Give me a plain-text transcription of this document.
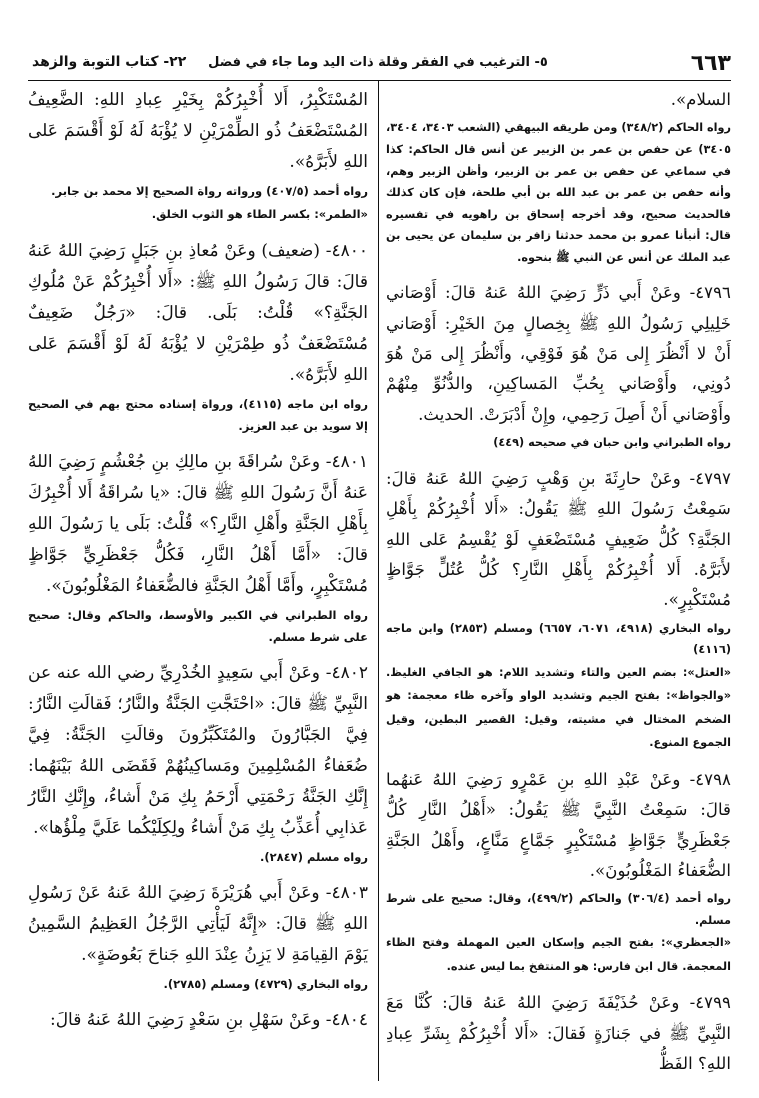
٦٦٣
٥- الترغيب في الفقر وقلة ذات اليد وما جاء في فضل
٢٢- كتاب التوبة والزهد

السلام».

رواه الحاكم (٣٤٨/٢) ومن طريقه البيهقي (الشعب ٣٤٠٣، ٣٤٠٤، ٣٤٠٥) عن حفص بن عمر بن الزبير عن أنس قال الحاكم: كذا في سماعي عن حفص بن عمر بن الزبير، وأظن الزبير وهم، وأنه حفص بن عمر بن عبد الله بن أبي طلحة، فإن كان كذلك فالحديث صحيح، وقد أخرجه إسحاق بن راهويه في تفسيره قال: أنبأنا عمرو بن محمد حدثنا زافر بن سليمان عن يحيى بن عبد الملك عن أنس عن النبي ﷺ بنحوه.

٤٧٩٦- وعَنْ أَبي ذَرٍّ رَضِيَ اللهُ عَنهُ قالَ: أَوْصَاني خَلِيلِي رَسُولُ اللهِ ﷺ بِخِصالٍ مِنَ الخَيْرِ: أَوْصَاني أَنْ لا أَنْظُرَ إِلى مَنْ هُوَ فَوْقِي، وأَنْظُرَ إِلى مَنْ هُوَ دُونِي، وأَوْصَاني بِحُبِّ المَساكِينِ، والدُّنُوِّ مِنْهُمْ وأَوْصَاني أَنْ أَصِلَ رَحِمِي، وإِنْ أَدْبَرَتْ. الحديث.

رواه الطبراني وابن حبان في صحيحه (٤٤٩)

٤٧٩٧- وعَنْ حارِثَةَ بنِ وَهْبٍ رَضِيَ اللهُ عَنهُ قالَ: سَمِعْتُ رَسُولَ اللهِ ﷺ يَقُولُ: «أَلا أُخْبِرُكُمْ بِأَهْلِ الجَنَّةِ؟ كُلُّ ضَعِيفٍ مُسْتَضْعَفٍ لَوْ يُقْسِمُ عَلى اللهِ لأَبَرَّهُ. أَلا أُخْبِرُكُمْ بِأَهْلِ النَّارِ؟ كُلُّ عُتُلٍّ جَوَّاظٍ مُسْتَكْبِرٍ».

رواه البخاري (٤٩١٨، ٦٠٧١، ٦٦٥٧) ومسلم (٢٨٥٣) وابن ماجه (٤١١٦)

«العتل»: بضم العين والتاء وتشديد اللام: هو الجافي الغليظ. «والجواظ»: بفتح الجيم وتشديد الواو وآخره ظاء معجمة: هو الضخم المختال في مشيته، وقيل: القصير البطين، وقيل الجموع المنوع.

٤٧٩٨- وعَنْ عَبْدِ اللهِ بنِ عَمْرٍو رَضِيَ اللهُ عَنهُما قالَ: سَمِعْتُ النَّبِيَّ ﷺ يَقُولُ: «أَهْلُ النَّارِ كُلُّ جَعْظَرِيٍّ جَوَّاظٍ مُسْتَكْبِرٍ جَمَّاعٍ مَنَّاعٍ، وأَهْلُ الجَنَّةِ الضُّعَفاءُ المَغْلُوبُونَ».

رواه أحمد (٣٠٦/٤) والحاكم (٤٩٩/٢)، وقال: صحيح على شرط مسلم.

«الجعظري»: بفتح الجيم وإسكان العين المهملة وفتح الظاء المعجمة. قال ابن فارس: هو المنتفخ بما ليس عنده.

٤٧٩٩- وعَنْ حُذَيْفَةَ رَضِيَ اللهُ عَنهُ قالَ: كُنَّا مَعَ النَّبِيِّ ﷺ في جَنازَةٍ فَقالَ: «أَلا أُخْبِرُكُمْ بِشَرِّ عِبادِ اللهِ؟ الفَظُّ

المُسْتَكْبِرُ، أَلا أُخْبِرُكُمْ بِخَيْرِ عِبادِ اللهِ: الضَّعِيفُ المُسْتَضْعَفُ ذُو الطِّمْرَيْنِ لا يُؤْبَهُ لَهُ لَوْ أَقْسَمَ عَلى اللهِ لأَبَرَّهُ».

رواه أحمد (٤٠٧/٥) ورواته رواة الصحيح إلا محمد بن جابر.

«الطمر»: بكسر الطاء هو الثوب الخلق.

٤٨٠٠- (ضعيف) وعَنْ مُعاذِ بنِ جَبَلٍ رَضِيَ اللهُ عَنهُ قالَ: قالَ رَسُولُ اللهِ ﷺ: «أَلا أُخْبِرُكُمْ عَنْ مُلُوكِ الجَنَّةِ؟» قُلْتُ: بَلَى. قالَ: «رَجُلٌ ضَعِيفٌ مُسْتَضْعَفٌ ذُو طِمْرَيْنِ لا يُؤْبَهُ لَهُ لَوْ أَقْسَمَ عَلى اللهِ لأَبَرَّهُ».

رواه ابن ماجه (٤١١٥)، ورواة إسناده محتج بهم في الصحيح إلا سويد بن عبد العزيز.

٤٨٠١- وعَنْ سُراقَةَ بنِ مالِكِ بنِ جُعْشُمٍ رَضِيَ اللهُ عَنهُ أَنَّ رَسُولَ اللهِ ﷺ قالَ: «يا سُراقَةُ أَلا أُخْبِرُكَ بِأَهْلِ الجَنَّةِ وأَهْلِ النَّارِ؟» قُلْتُ: بَلَى يا رَسُولَ اللهِ قالَ: «أَمَّا أَهْلُ النَّارِ، فَكُلُّ جَعْظَرِيٍّ جَوَّاظٍ مُسْتَكْبِرٍ، وأَمَّا أَهْلُ الجَنَّةِ فالضُّعَفاءُ المَغْلُوبُونَ».

رواه الطبراني في الكبير والأوسط، والحاكم وقال: صحيح على شرط مسلم.

٤٨٠٢- وعَنْ أَبي سَعِيدٍ الخُدْرِيِّ رضي الله عنه عن النَّبِيِّ ﷺ قالَ: «احْتَجَّتِ الجَنَّةُ والنَّارُ؛ فَقالَتِ النَّارُ: فِيَّ الجَبَّارُونَ والمُتَكَبِّرُونَ وقالَتِ الجَنَّةُ: فِيَّ ضُعَفاءُ المُسْلِمِينَ ومَساكِينُهُمْ فَقَضَى اللهُ بَيْنَهُما: إِنَّكِ الجَنَّةُ رَحْمَتِي أَرْحَمُ بِكِ مَنْ أَشاءُ، وإِنَّكِ النَّارُ عَذابِي أُعَذِّبُ بِكِ مَنْ أَشاءُ ولِكِلَيْكُما عَلَيَّ مِلْؤُها».

رواه مسلم (٢٨٤٧).

٤٨٠٣- وعَنْ أَبي هُرَيْرَةَ رَضِيَ اللهُ عَنهُ عَنْ رَسُولِ اللهِ ﷺ قالَ: «إِنَّهُ لَيَأْتِي الرَّجُلُ العَظِيمُ السَّمِينُ يَوْمَ القِيامَةِ لا يَزِنُ عِنْدَ اللهِ جَناحَ بَعُوضَةٍ».

رواه البخاري (٤٧٢٩) ومسلم (٢٧٨٥).

٤٨٠٤- وعَنْ سَهْلِ بنِ سَعْدٍ رَضِيَ اللهُ عَنهُ قالَ:
